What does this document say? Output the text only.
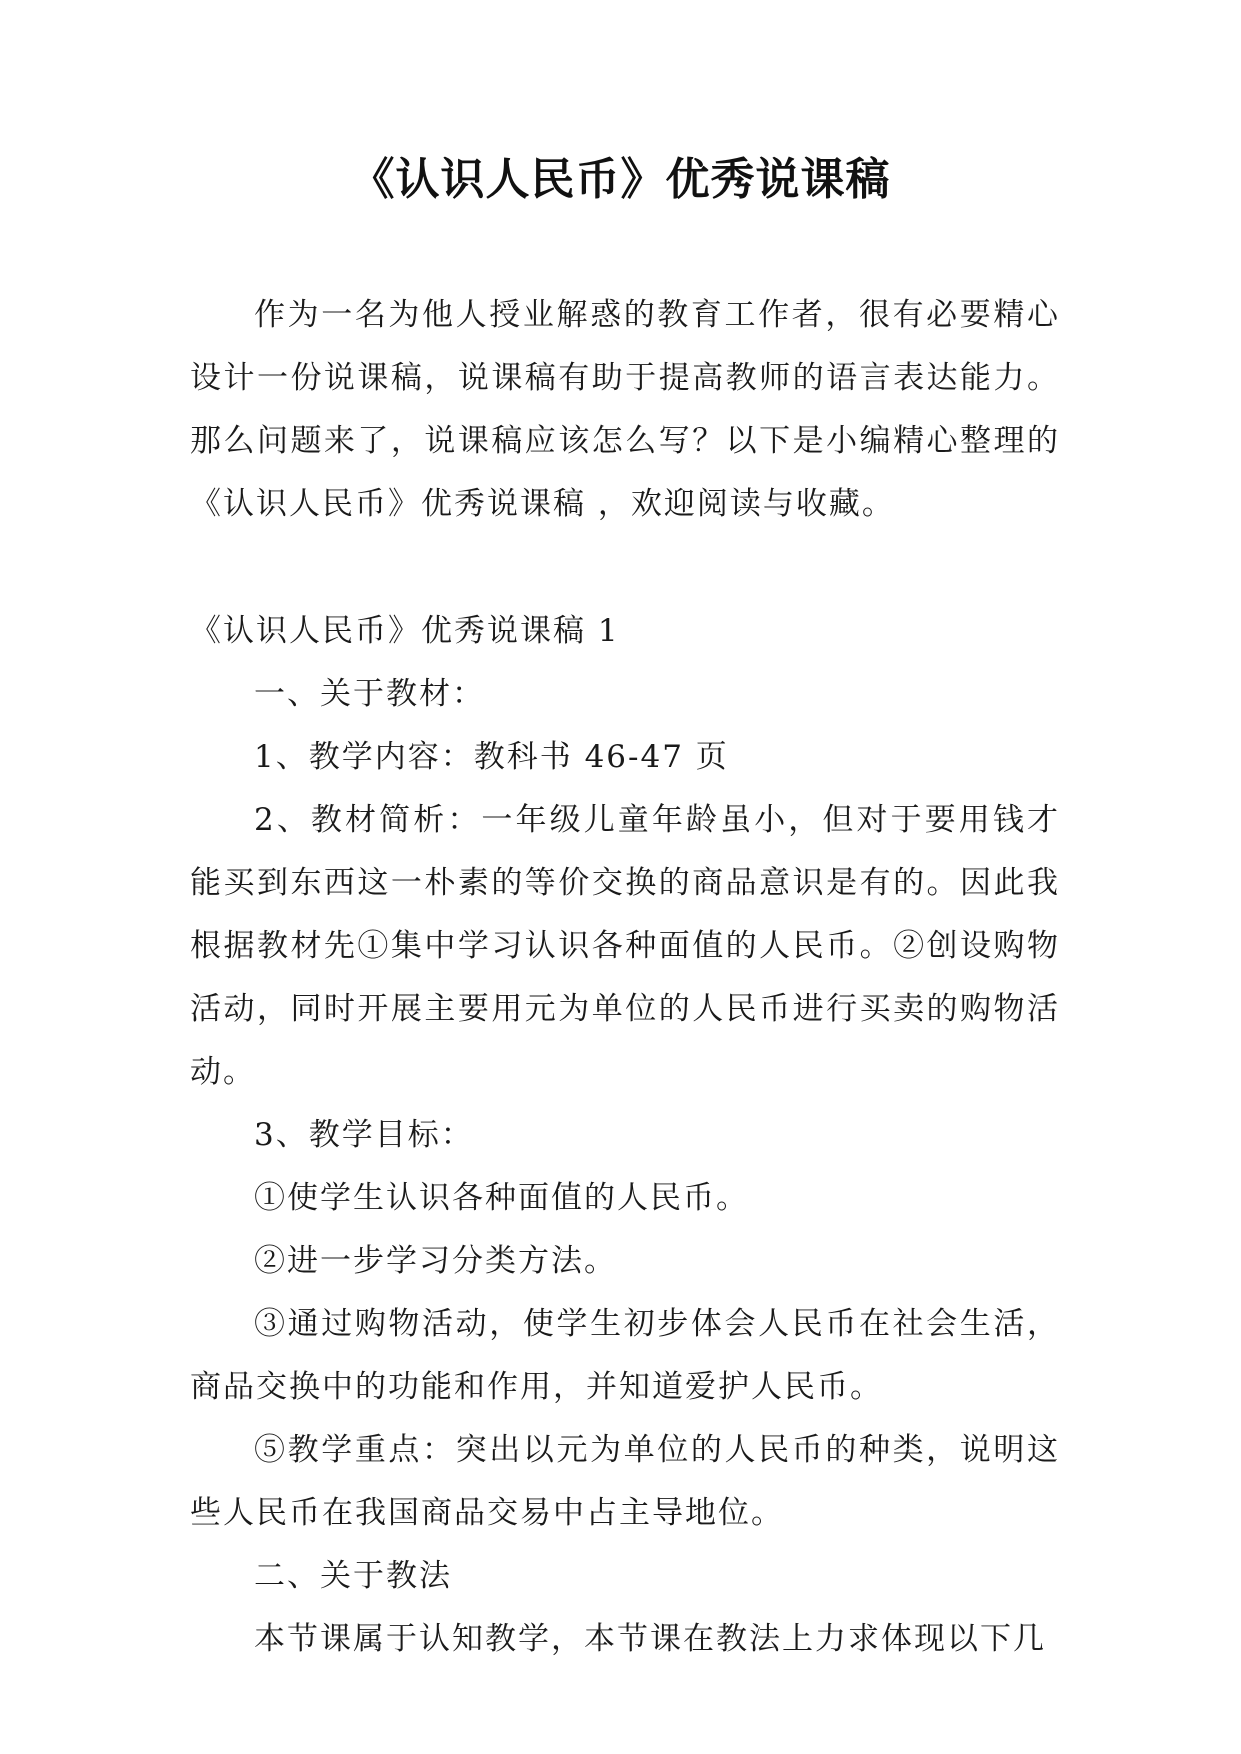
《认识人民币》优秀说课稿

作为一名为他人授业解惑的教育工作者，很有必要精心设计一份说课稿，说课稿有助于提高教师的语言表达能力。那么问题来了，说课稿应该怎么写？以下是小编精心整理的《认识人民币》优秀说课稿 ，欢迎阅读与收藏。

《认识人民币》优秀说课稿 1

一、关于教材：

1、教学内容：教科书 46-47 页

2、教材简析：一年级儿童年龄虽小，但对于要用钱才能买到东西这一朴素的等价交换的商品意识是有的。因此我根据教材先①集中学习认识各种面值的人民币。②创设购物活动，同时开展主要用元为单位的人民币进行买卖的购物活动。

3、教学目标：

①使学生认识各种面值的人民币。

②进一步学习分类方法。

③通过购物活动，使学生初步体会人民币在社会生活，商品交换中的功能和作用，并知道爱护人民币。

⑤教学重点：突出以元为单位的人民币的种类，说明这些人民币在我国商品交易中占主导地位。

二、关于教法

本节课属于认知教学，本节课在教法上力求体现以下几
